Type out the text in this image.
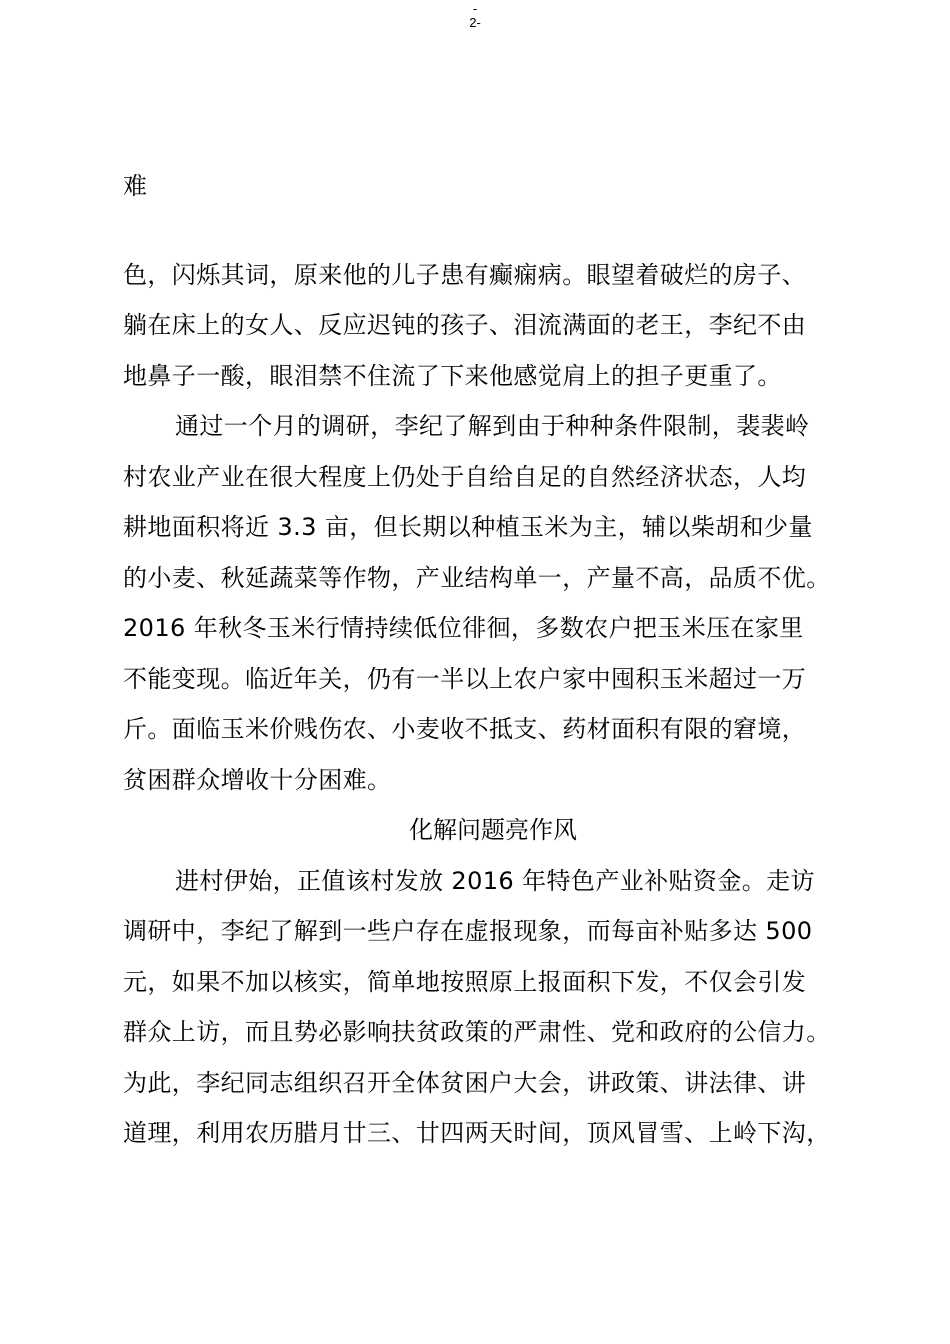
-
2-
难
色，闪烁其词，原来他的儿子患有癫痫病。眼望着破烂的房子、
躺在床上的女人、反应迟钝的孩子、泪流满面的老王，李纪不由
地鼻子一酸，眼泪禁不住流了下来他感觉肩上的担子更重了。
通过一个月的调研，李纪了解到由于种种条件限制，裴裴岭
村农业产业在很大程度上仍处于自给自足的自然经济状态，人均
耕地面积将近 3.3 亩，但长期以种植玉米为主，辅以柴胡和少量
的小麦、秋延蔬菜等作物，产业结构单一，产量不高，品质不优。
2016 年秋冬玉米行情持续低位徘徊，多数农户把玉米压在家里
不能变现。临近年关，仍有一半以上农户家中囤积玉米超过一万
斤。面临玉米价贱伤农、小麦收不抵支、药材面积有限的窘境，
贫困群众增收十分困难。
化解问题亮作风
进村伊始，正值该村发放 2016 年特色产业补贴资金。走访
调研中，李纪了解到一些户存在虚报现象，而每亩补贴多达 500
元，如果不加以核实，简单地按照原上报面积下发，不仅会引发
群众上访，而且势必影响扶贫政策的严肃性、党和政府的公信力。
为此，李纪同志组织召开全体贫困户大会，讲政策、讲法律、讲
道理，利用农历腊月廿三、廿四两天时间，顶风冒雪、上岭下沟，
